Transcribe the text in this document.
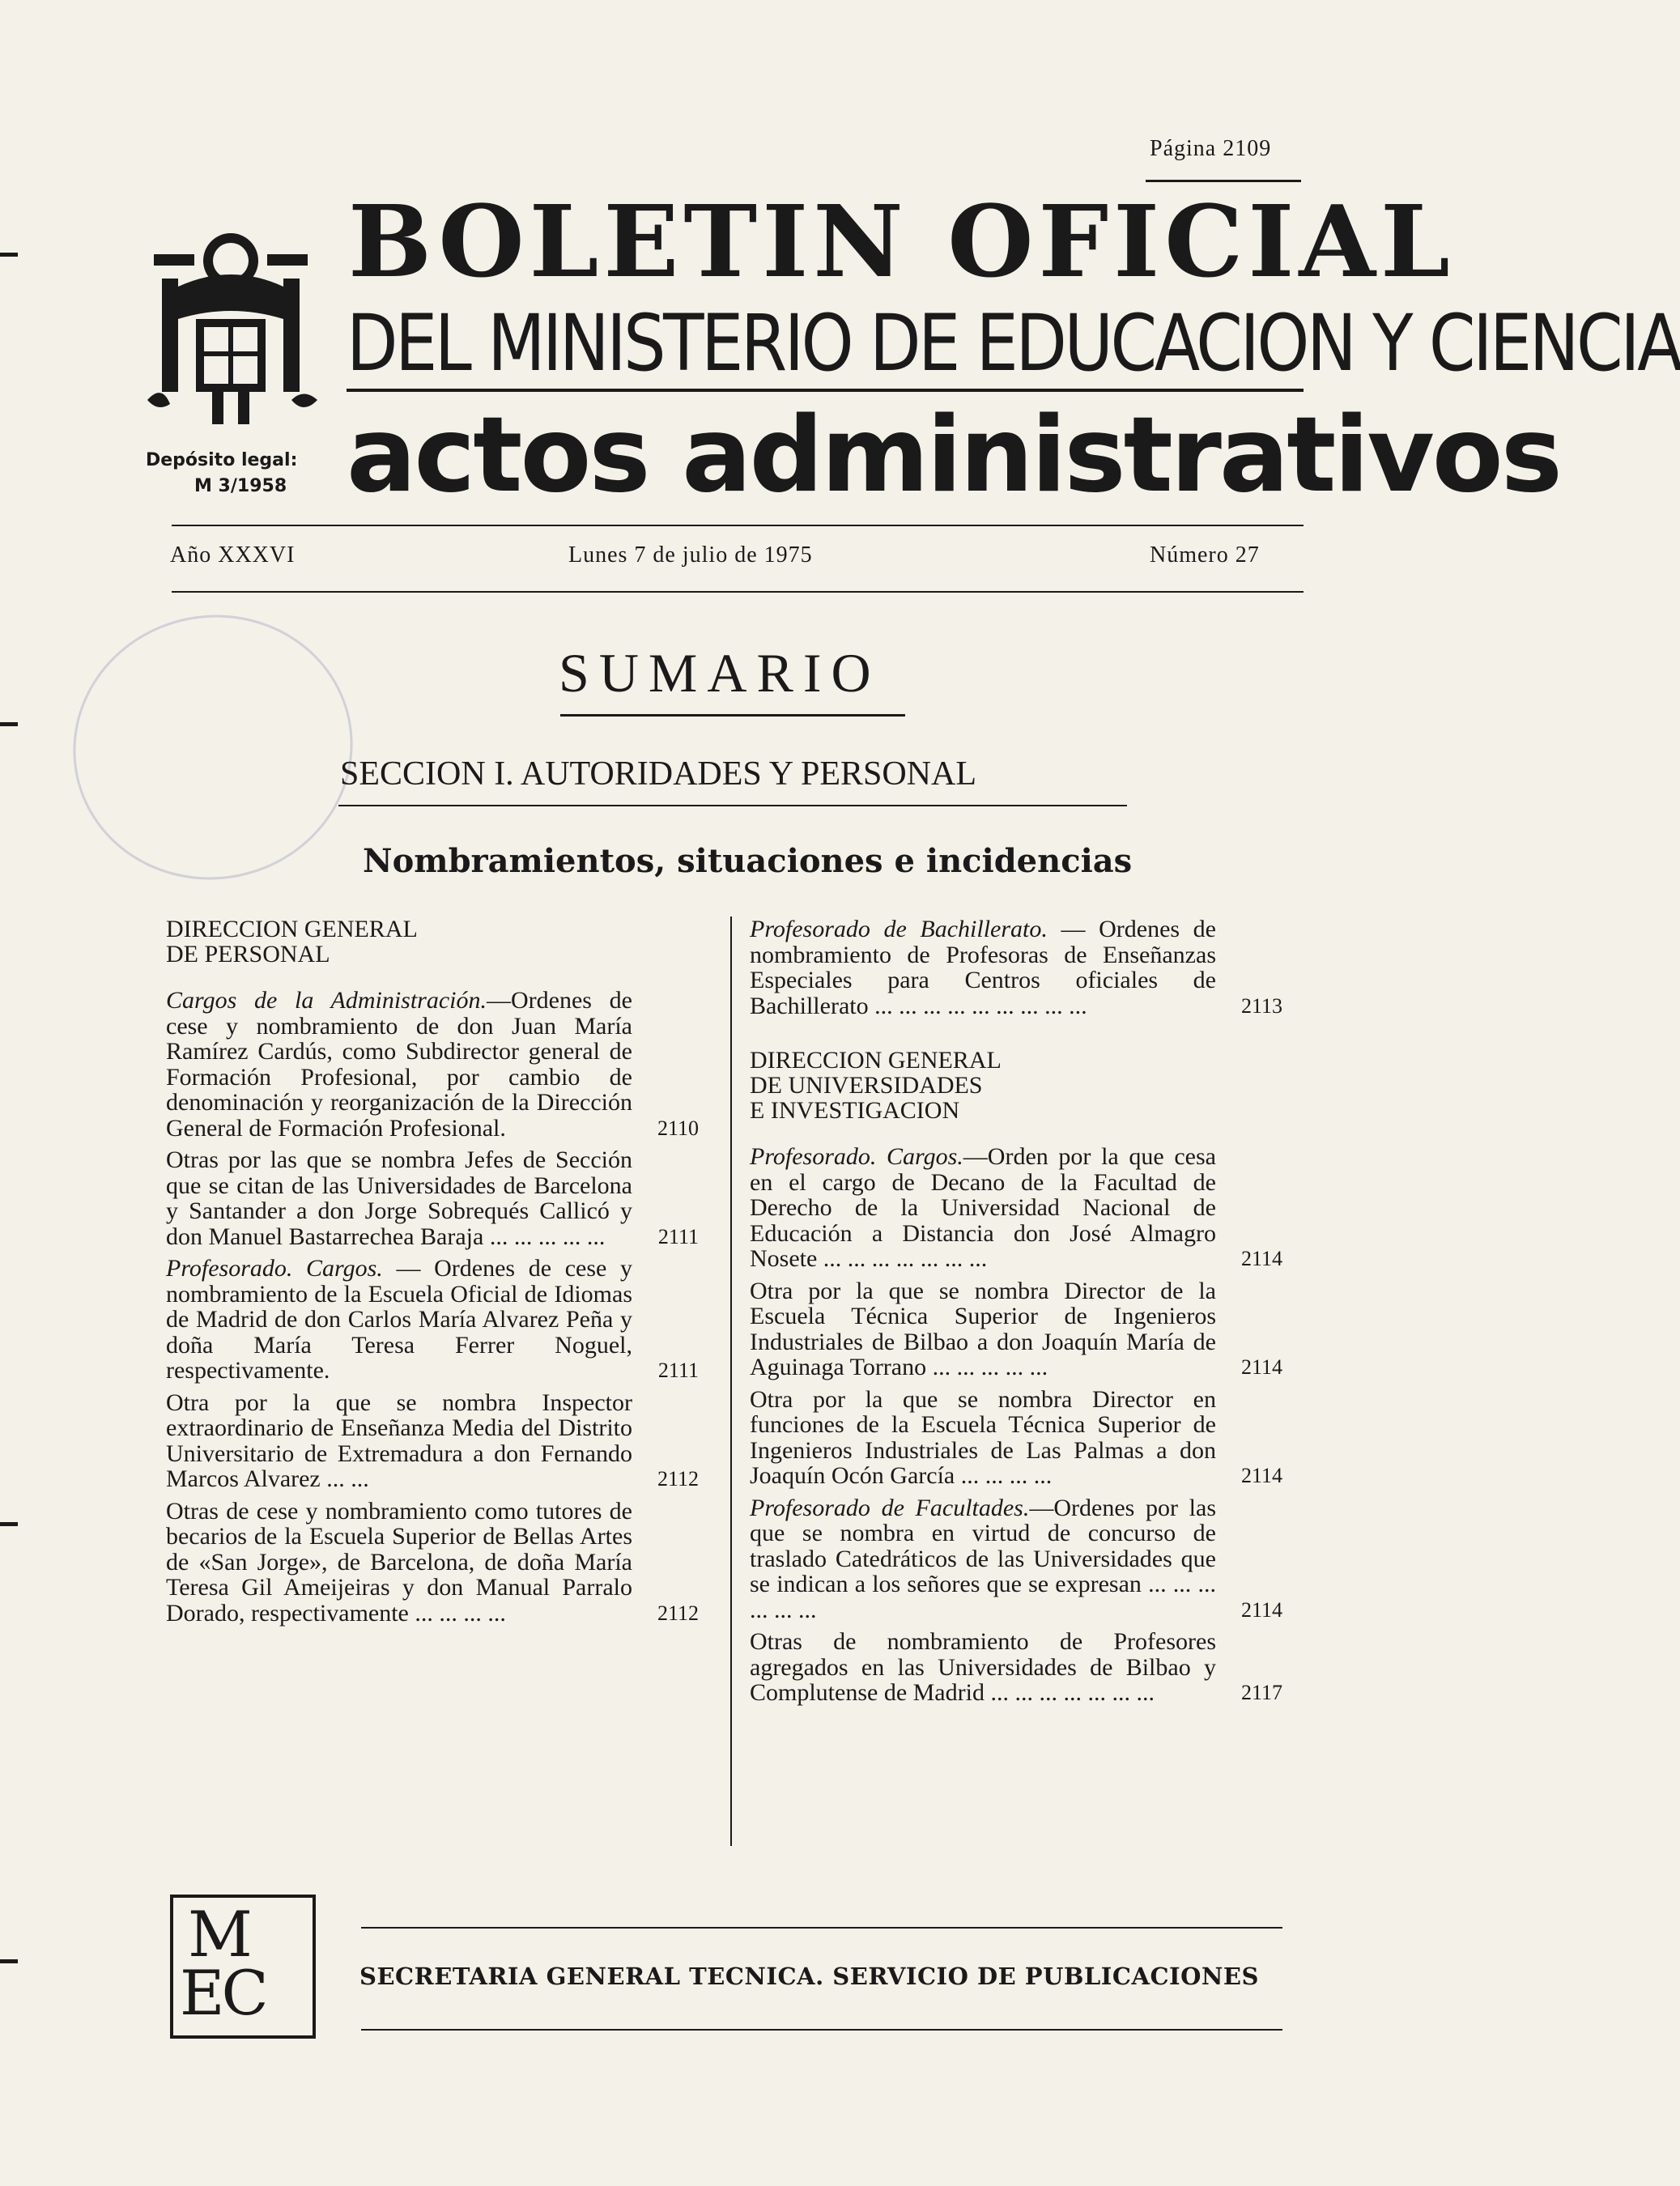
Página 2109
BOLETIN OFICIAL
DEL MINISTERIO DE EDUCACION Y CIENCIA
actos administrativos
Depósito legal:
M 3/1958
Año XXXVI	Lunes 7 de julio de 1975	Número 27
SUMARIO
SECCION I. AUTORIDADES Y PERSONAL
Nombramientos, situaciones e incidencias
DIRECCION GENERAL
DE PERSONAL
Cargos de la Administración.—Ordenes de cese y nombramiento de don Juan María Ramírez Cardús, como Subdirector general de Formación Profesional, por cambio de denominación y reorganización de la Dirección General de Formación Profesional.	2110
Otras por las que se nombra Jefes de Sección que se citan de las Universidades de Barcelona y Santander a don Jorge Sobrequés Callicó y don Manuel Bastarrechea Baraja ... ... ... ... ...	2111
Profesorado. Cargos. — Ordenes de cese y nombramiento de la Escuela Oficial de Idiomas de Madrid de don Carlos María Alvarez Peña y doña María Teresa Ferrer Noguel, respectivamente.	2111
Otra por la que se nombra Inspector extraordinario de Enseñanza Media del Distrito Universitario de Extremadura a don Fernando Marcos Alvarez ... ...	2112
Otras de cese y nombramiento como tutores de becarios de la Escuela Superior de Bellas Artes de «San Jorge», de Barcelona, de doña María Teresa Gil Ameijeiras y don Manual Parralo Dorado, respectivamente ... ... ... ...	2112
Profesorado de Bachillerato. — Ordenes de nombramiento de Profesoras de Enseñanzas Especiales para Centros oficiales de Bachillerato ... ... ... ... ... ... ... ... ...	2113
DIRECCION GENERAL
DE UNIVERSIDADES
E INVESTIGACION
Profesorado. Cargos.—Orden por la que cesa en el cargo de Decano de la Facultad de Derecho de la Universidad Nacional de Educación a Distancia don José Almagro Nosete ... ... ... ... ... ... ...	2114
Otra por la que se nombra Director de la Escuela Técnica Superior de Ingenieros Industriales de Bilbao a don Joaquín María de Aguinaga Torrano ... ... ... ... ...	2114
Otra por la que se nombra Director en funciones de la Escuela Técnica Superior de Ingenieros Industriales de Las Palmas a don Joaquín Ocón García ... ... ... ...	2114
Profesorado de Facultades.—Ordenes por las que se nombra en virtud de concurso de traslado Catedráticos de las Universidades que se indican a los señores que se expresan ... ... ... ... ... ...	2114
Otras de nombramiento de Profesores agregados en las Universidades de Bilbao y Complutense de Madrid ... ... ... ... ... ... ...	2117
M
EC	SECRETARIA GENERAL TECNICA. SERVICIO DE PUBLICACIONES
